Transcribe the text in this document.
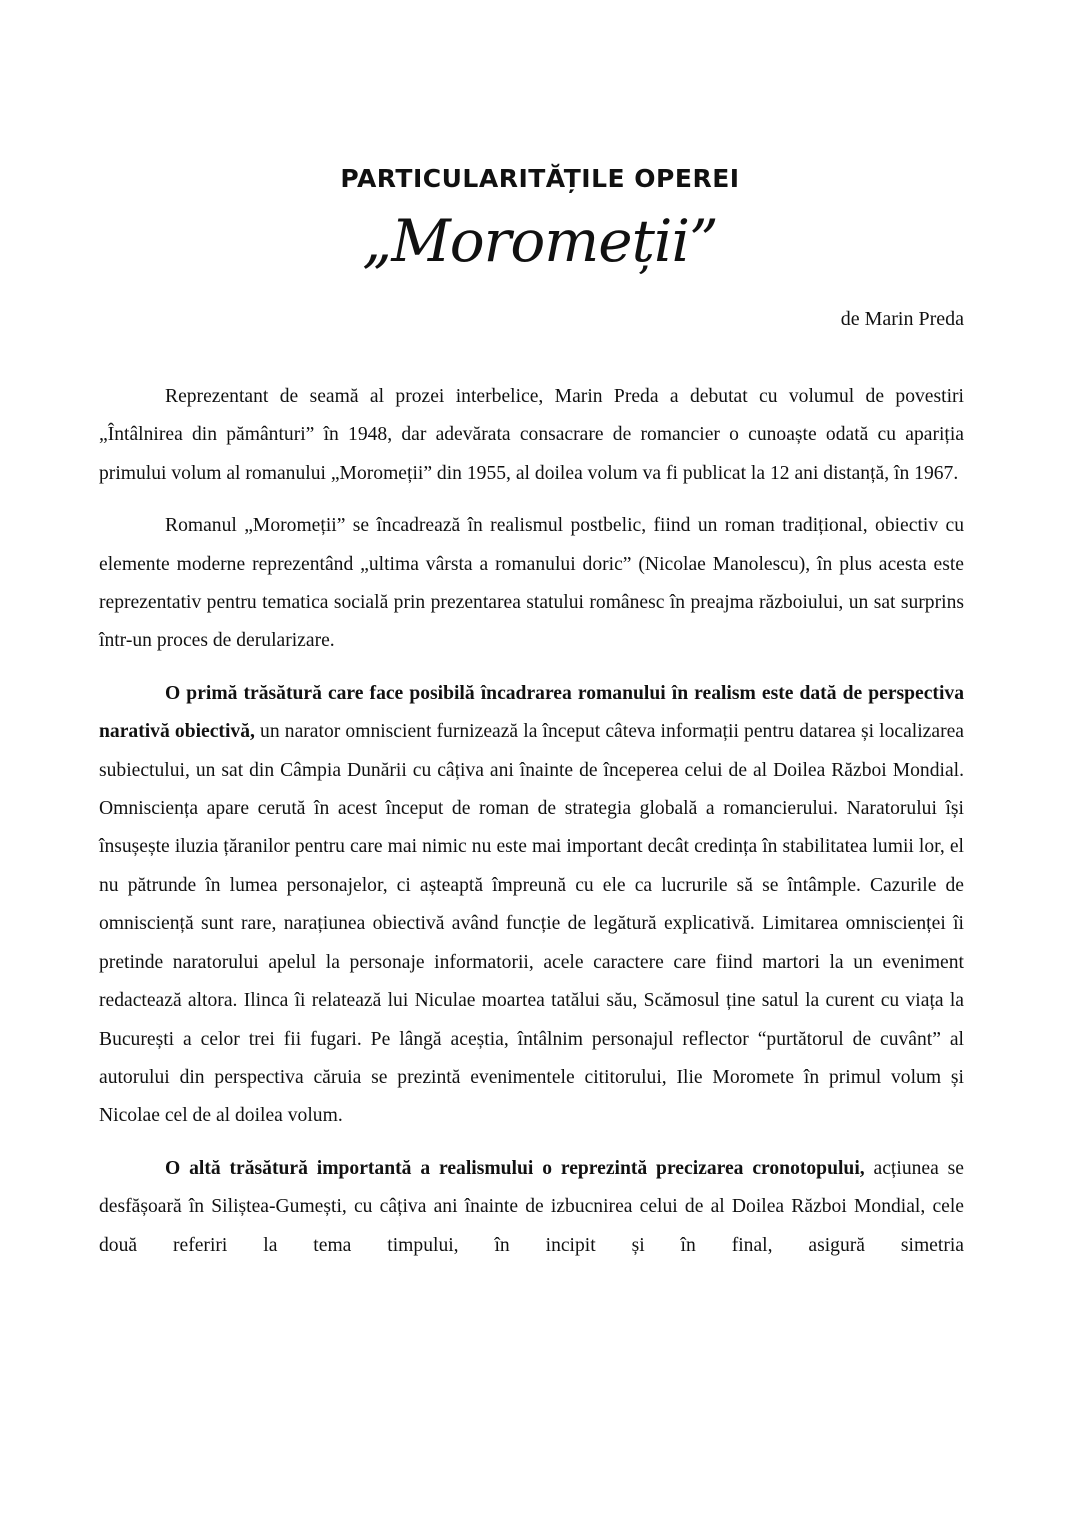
PARTICULARITĂȚILE OPEREI
„Moromeții”
de Marin Preda

Reprezentant de seamă al prozei interbelice, Marin Preda a debutat cu volumul de povestiri „Întâlnirea din pământuri” în 1948, dar adevărata consacrare de romancier o cunoaște odată cu apariția primului volum al romanului „Moromeții” din 1955, al doilea volum va fi publicat la 12 ani distanță, în 1967.

Romanul „Moromeții” se încadrează în realismul postbelic, fiind un roman tradițional, obiectiv cu elemente moderne reprezentând „ultima vârsta a romanului doric” (Nicolae Manolescu), în plus acesta este reprezentativ pentru tematica socială prin prezentarea statului românesc în preajma războiului, un sat surprins într-un proces de derularizare.

O primă trăsătură care face posibilă încadrarea romanului în realism este dată de perspectiva narativă obiectivă, un narator omniscient furnizează la început câteva informații pentru datarea și localizarea subiectului, un sat din Câmpia Dunării cu câțiva ani înainte de începerea celui de al Doilea Război Mondial. Omnisciența apare cerută în acest început de roman de strategia globală a romancierului. Naratorului își însușește iluzia țăranilor pentru care mai nimic nu este mai important decât credința în stabilitatea lumii lor, el nu pătrunde în lumea personajelor, ci așteaptă împreună cu ele ca lucrurile să se întâmple. Cazurile de omnisciență sunt rare, narațiunea obiectivă având funcție de legătură explicativă. Limitarea omniscienței îi pretinde naratorului apelul la personaje informatorii, acele caractere care fiind martori la un eveniment redactează altora. Ilinca îi relatează lui Niculae moartea tatălui său, Scămosul ține satul la curent cu viața la București a celor trei fii fugari. Pe lângă aceștia, întâlnim personajul reflector “purtătorul de cuvânt” al autorului din perspectiva căruia se prezintă evenimentele cititorului, Ilie Moromete în primul volum și Nicolae cel de al doilea volum.

O altă trăsătură importantă a realismului o reprezintă precizarea cronotopului, acțiunea se desfășoară în Siliștea-Gumești, cu câțiva ani înainte de izbucnirea celui de al Doilea Război Mondial, cele două referiri la tema timpului, în incipit și în final, asigură simetria
